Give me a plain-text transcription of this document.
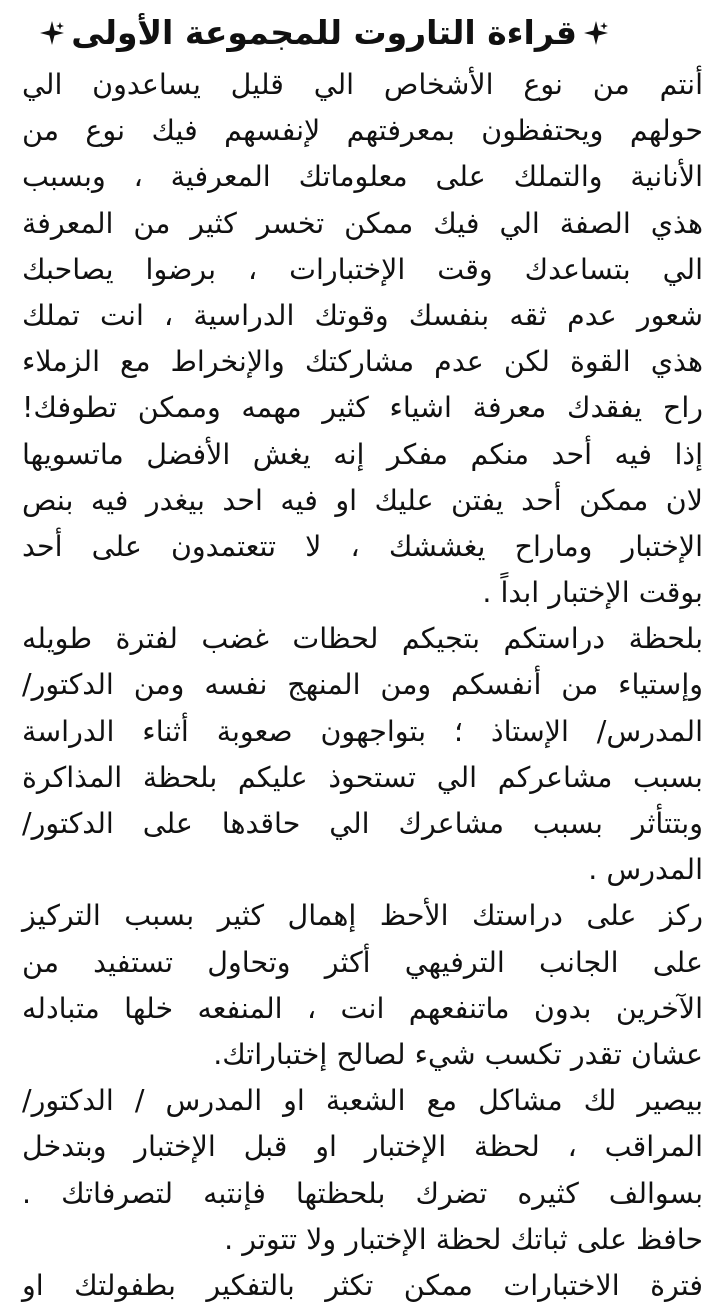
قراءة التاروت للمجموعة الأولى
أنتم من نوع الأشخاص الي قليل يساعدون الي
حولهم ويحتفظون بمعرفتهم لإنفسهم فيك نوع من
الأنانية والتملك على معلوماتك المعرفية ، وبسبب
هذي الصفة الي فيك ممكن تخسر كثير من المعرفة
الي بتساعدك وقت الإختبارات ، برضوا يصاحبك
شعور عدم ثقه بنفسك وقوتك الدراسية ، انت تملك
هذي القوة لكن عدم مشاركتك والإنخراط مع الزملاء
راح يفقدك معرفة اشياء كثير مهمه وممكن تطوفك!
إذا فيه أحد منكم مفكر إنه يغش الأفضل ماتسويها
لان ممكن أحد يفتن عليك او فيه احد بيغدر فيه بنص
الإختبار وماراح يغششك ، لا تتعتمدون على أحد
بوقت الإختبار ابداً .
بلحظة دراستكم بتجيكم لحظات غضب لفترة طويله
وإستياء من أنفسكم ومن المنهج نفسه ومن الدكتور/
المدرس/ الإستاذ ؛ بتواجهون صعوبة أثناء الدراسة
بسبب مشاعركم الي تستحوذ عليكم بلحظة المذاكرة
وبتتأثر بسبب مشاعرك الي حاقدها على الدكتور/
المدرس .
ركز على دراستك الأحظ إهمال كثير بسبب التركيز
على الجانب الترفيهي أكثر وتحاول تستفيد من
الآخرين بدون ماتنفعهم انت ، المنفعه خلها متبادله
عشان تقدر تكسب شيء لصالح إختباراتك.
بيصير لك مشاكل مع الشعبة او المدرس / الدكتور/
المراقب ، لحظة الإختبار او قبل الإختبار وبتدخل
بسوالف كثيره تضرك بلحظتها فإنتبه لتصرفاتك .
حافظ على ثباتك لحظة الإختبار ولا تتوتر .
فترة الاختبارات ممكن تكثر بالتفكير بطفولتك او
